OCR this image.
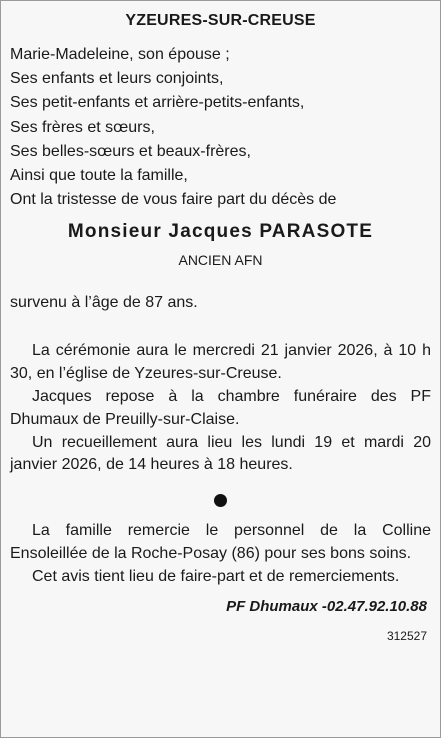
YZEURES-SUR-CREUSE
Marie-Madeleine, son épouse ;
Ses enfants et leurs conjoints,
Ses petit-enfants et arrière-petits-enfants,
Ses frères et sœurs,
Ses belles-sœurs et beaux-frères,
Ainsi que toute la famille,
Ont la tristesse de vous faire part du décès de
Monsieur Jacques PARASOTE
ANCIEN AFN
survenu à l’âge de 87 ans.
La cérémonie aura le mercredi 21 janvier 2026, à 10 h 30, en l’église de Yzeures-sur-Creuse.
Jacques repose à la chambre funéraire des PF Dhumaux de Preuilly-sur-Claise.
Un recueillement aura lieu les lundi 19 et mardi 20 janvier 2026, de 14 heures à 18 heures.
La famille remercie le personnel de la Colline Ensoleillée de la Roche-Posay (86) pour ses bons soins.
Cet avis tient lieu de faire-part et de remerciements.
PF Dhumaux -02.47.92.10.88
312527
